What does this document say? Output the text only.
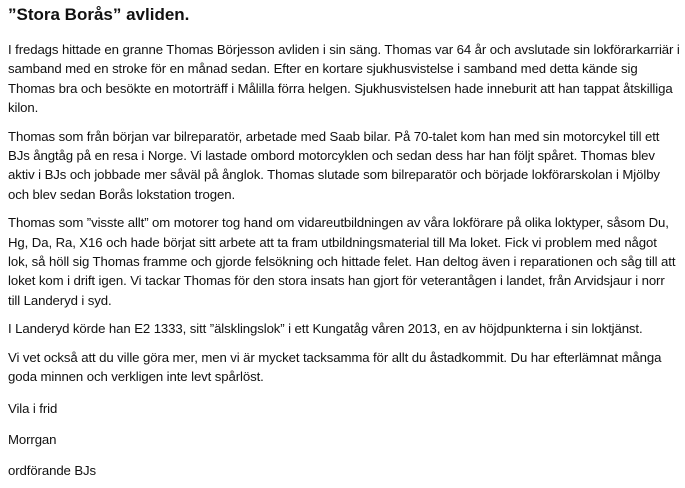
”Stora Borås” avliden.

I fredags hittade en granne Thomas Börjesson avliden i sin säng. Thomas var 64 år och avslutade sin lokförarkarriär i samband med en stroke för en månad sedan. Efter en kortare sjukhusvistelse i samband med detta kände sig Thomas bra och besökte en motorträff i Målilla förra helgen. Sjukhusvistelsen hade inneburit att han tappat åtskilliga kilon.

Thomas som från början var bilreparatör, arbetade med Saab bilar. På 70-talet kom han med sin motorcykel till ett BJs ångtåg på en resa i Norge. Vi lastade ombord motorcyklen och sedan dess har han följt spåret. Thomas blev aktiv i BJs och jobbade mer såväl på ånglok. Thomas slutade som bilreparatör och började lokförarskolan i Mjölby och blev sedan Borås lokstation trogen.

Thomas som ”visste allt” om motorer tog hand om vidareutbildningen av våra lokförare på olika loktyper, såsom Du, Hg, Da, Ra, X16 och hade börjat sitt arbete att ta fram utbildningsmaterial till Ma loket. Fick vi problem med något lok, så höll sig Thomas framme och gjorde felsökning och hittade felet. Han deltog även i reparationen och såg till att loket kom i drift igen. Vi tackar Thomas för den stora insats han gjort för veterantågen i landet, från Arvidsjaur i norr till Landeryd i syd.

I Landeryd körde han E2 1333, sitt ”älsklingslok” i ett Kungatåg våren 2013, en av höjdpunkterna i sin loktjänst.

Vi vet också att du ville göra mer, men vi är mycket tacksamma för allt du åstadkommit. Du har efterlämnat många goda minnen och verkligen inte levt spårlöst.

Vila i frid

Morrgan

ordförande BJs
